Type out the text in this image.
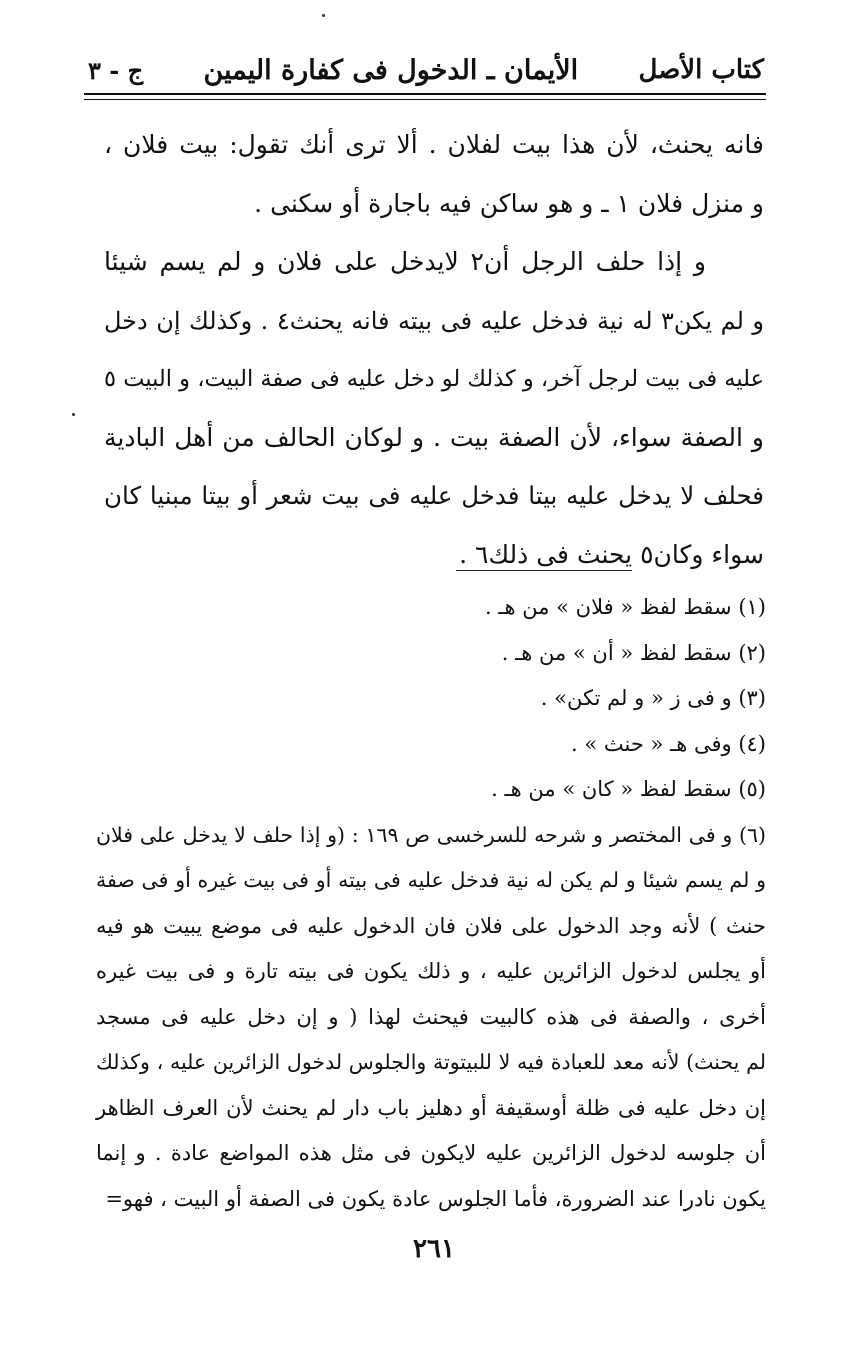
كتاب الأصل
الأيمان ـ الدخول فى كفارة اليمين
ج - ٣
فانه يحنث، لأن هذا بيت لفلان . ألا ترى أنك تقول: بيت فلان ،
و منزل فلان ١ ـ و هو ساكن فيه باجارة أو سكنى .
و إذا حلف الرجل أن٢ لايدخل على فلان و لم يسم شيئا
و لم يكن٣ له نية فدخل عليه فى بيته فانه يحنث٤ . وكذلك إن دخل
عليه فى بيت لرجل آخر، و كذلك لو دخل عليه فى صفة البيت، و البيت ٥
و الصفة سواء، لأن الصفة بيت . و لوكان الحالف من أهل البادية
فحلف لا يدخل عليه بيتا فدخل عليه فى بيت شعر أو بيتا مبنيا كان
سواء وكان٥ يحنث فى ذلك٦ .
(١) سقط لفظ « فلان » من هـ .
(٢) سقط لفظ « أن » من هـ .
(٣) و فى ز « و لم تكن» .
(٤) وفى هـ « حنث » .
(٥) سقط لفظ « كان » من هـ .
(٦) و فى المختصر و شرحه للسرخسى ص ١٦٩ : (و إذا حلف لا يدخل على فلان
و لم يسم شيئا و لم يكن له نية فدخل عليه فى بيته أو فى بيت غيره أو فى صفة
حنث ) لأنه وجد الدخول على فلان فان الدخول عليه فى موضع يبيت هو فيه
أو يجلس لدخول الزائرين عليه ، و ذلك يكون فى بيته تارة و فى بيت غيره
أخرى ، والصفة فى هذه كالبيت فيحنث لهذا ( و إن دخل عليه فى مسجد
لم يحنث) لأنه معد للعبادة فيه لا للبيتوتة والجلوس لدخول الزائرين عليه ، وكذلك
إن دخل عليه فى ظلة أوسقيفة أو دهليز باب دار لم يحنث لأن العرف الظاهر
أن جلوسه لدخول الزائرين عليه لايكون فى مثل هذه المواضع عادة . و إنما
يكون نادرا عند الضرورة، فأما الجلوس عادة يكون فى الصفة أو البيت ، فهو=
٢٦١
